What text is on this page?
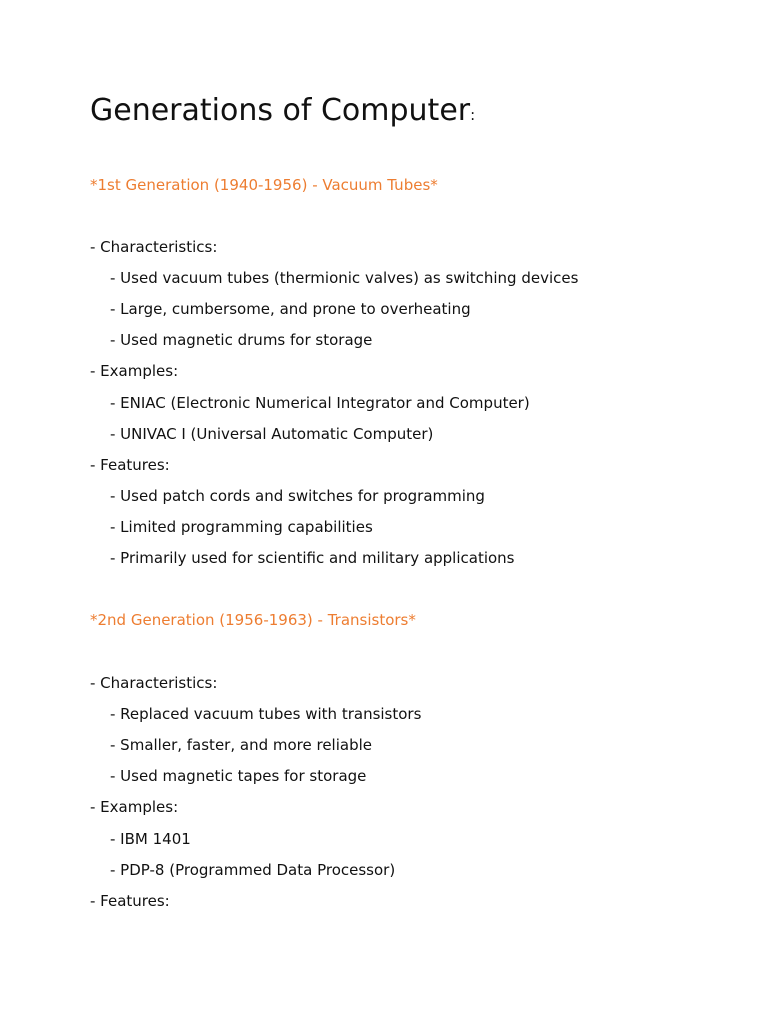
Generations of Computer:

*1st Generation (1940-1956) - Vacuum Tubes*

- Characteristics:

- Used vacuum tubes (thermionic valves) as switching devices

- Large, cumbersome, and prone to overheating

- Used magnetic drums for storage

- Examples:

- ENIAC (Electronic Numerical Integrator and Computer)

- UNIVAC I (Universal Automatic Computer)

- Features:

- Used patch cords and switches for programming

- Limited programming capabilities

- Primarily used for scientific and military applications

*2nd Generation (1956-1963) - Transistors*

- Characteristics:

- Replaced vacuum tubes with transistors

- Smaller, faster, and more reliable

- Used magnetic tapes for storage

- Examples:

- IBM 1401

- PDP-8 (Programmed Data Processor)

- Features:
